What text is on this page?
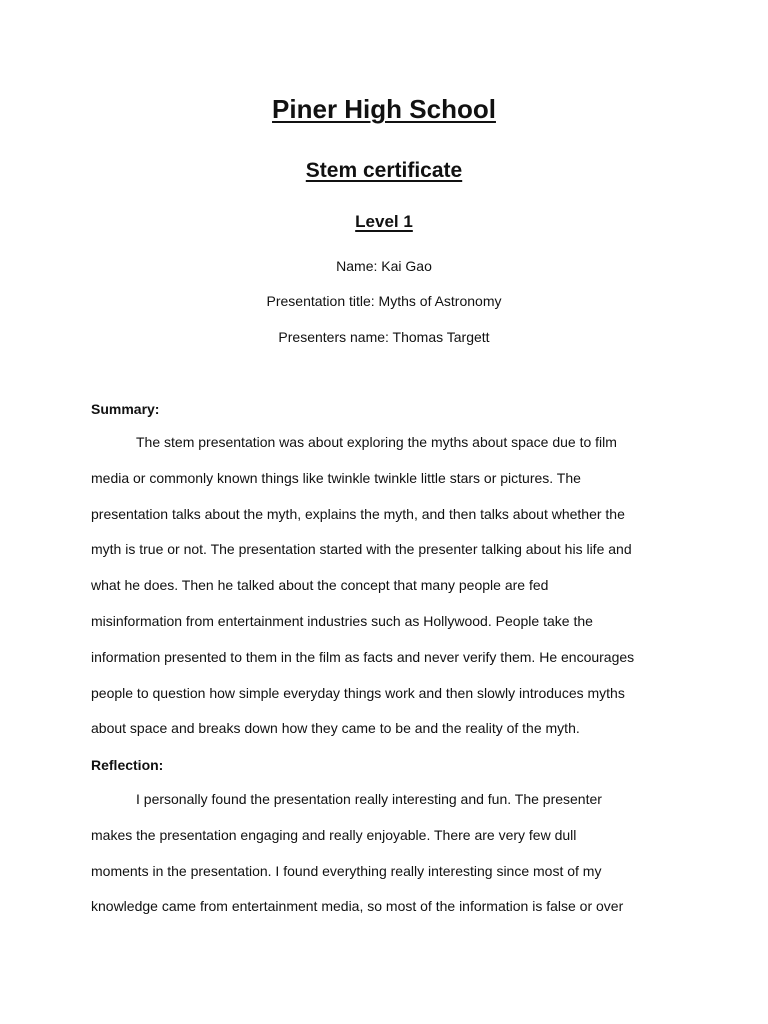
Piner High School
Stem certificate
Level 1
Name: Kai Gao
Presentation title: Myths of Astronomy
Presenters name: Thomas Targett
Summary:
The stem presentation was about exploring the myths about space due to film
media or commonly known things like twinkle twinkle little stars or pictures. The
presentation talks about the myth, explains the myth, and then talks about whether the
myth is true or not. The presentation started with the presenter talking about his life and
what he does. Then he talked about the concept that many people are fed
misinformation from entertainment industries such as Hollywood. People take the
information presented to them in the film as facts and never verify them. He encourages
people to question how simple everyday things work and then slowly introduces myths
about space and breaks down how they came to be and the reality of the myth.
Reflection:
I personally found the presentation really interesting and fun. The presenter
makes the presentation engaging and really enjoyable. There are very few dull
moments in the presentation. I found everything really interesting since most of my
knowledge came from entertainment media, so most of the information is false or over
